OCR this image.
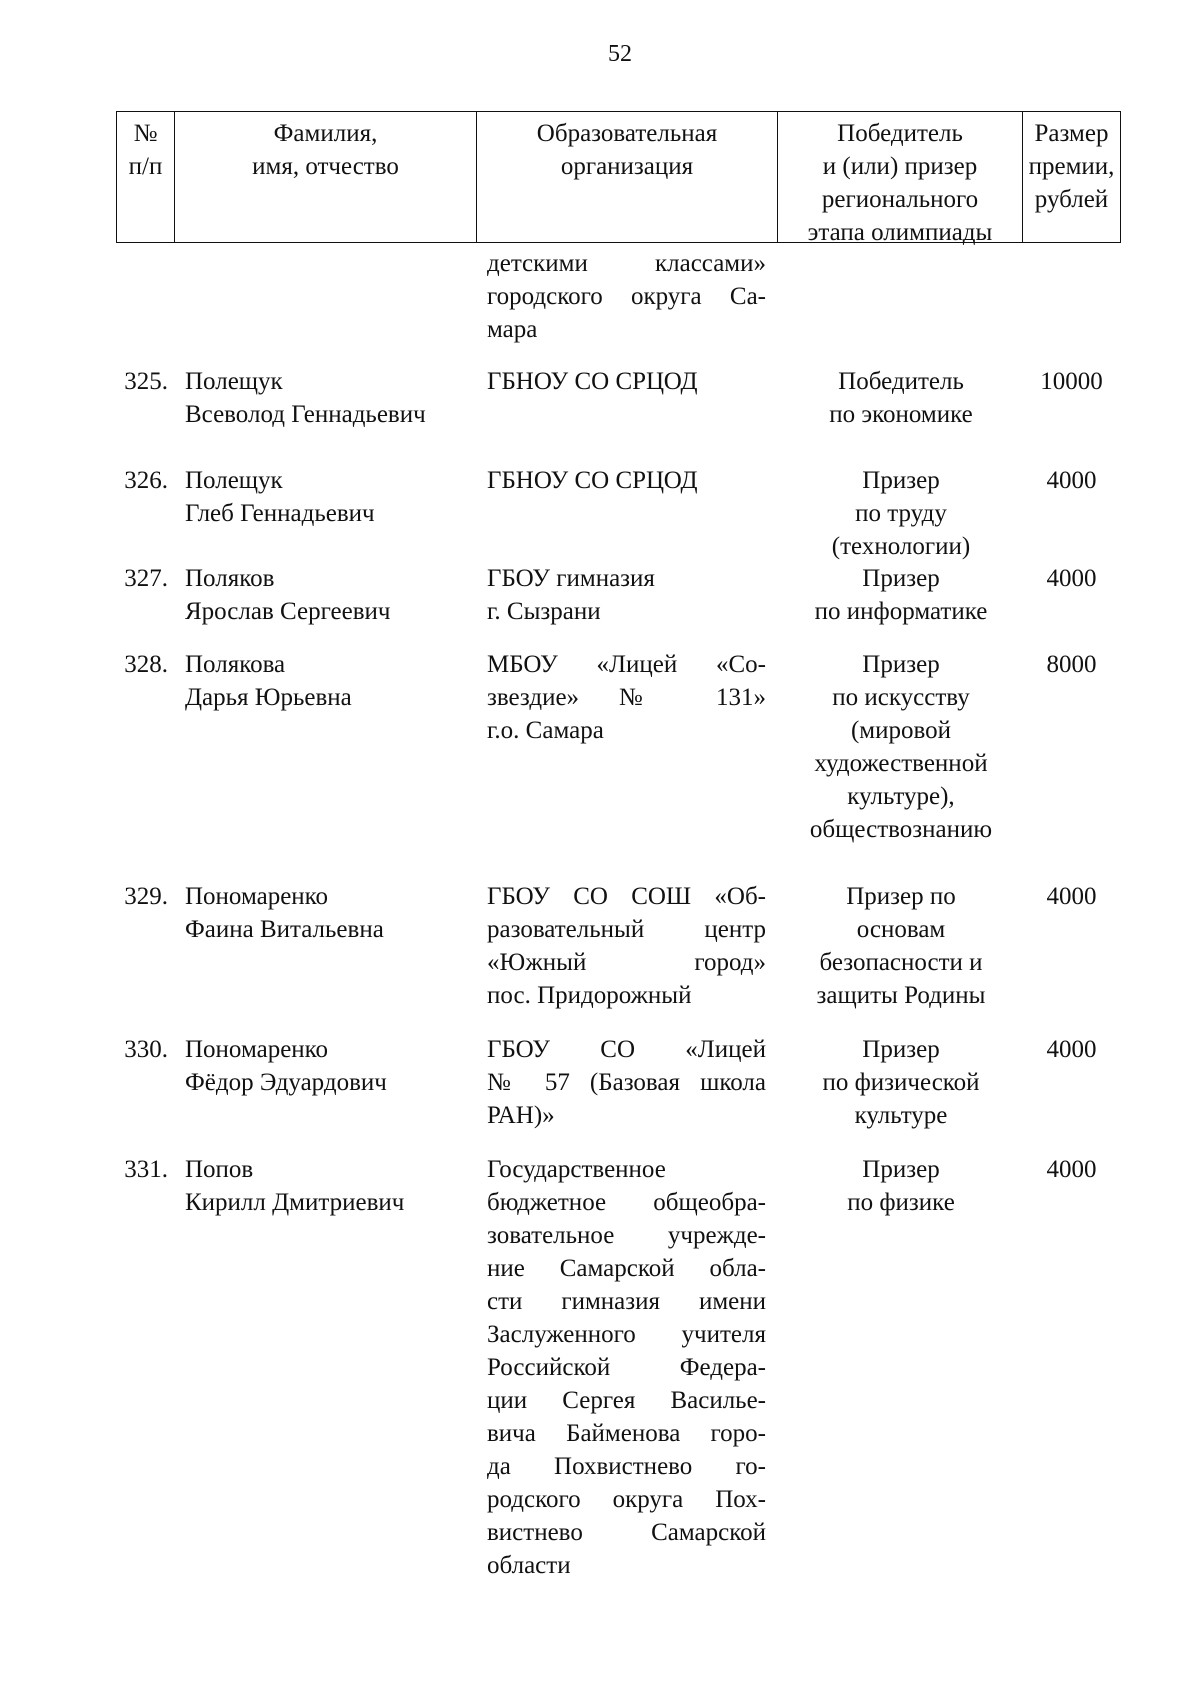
52
№
п/п
Фамилия,
имя, отчество
Образовательная
организация
Победитель
и (или) призер
регионального
этапа олимпиады
Размер
премии,
рублей
детскими классами»
городского округа Са-
мара
325. Полещук
Всеволод Геннадьевич
ГБНОУ СО СРЦОД	Победитель
по экономике
10000
326. Полещук
Глеб Геннадьевич
ГБНОУ СО СРЦОД	Призер
по труду
(технологии)
4000
327. Поляков
Ярослав Сергеевич
ГБОУ гимназия
г. Сызрани
Призер
по информатике
4000
328. Полякова
Дарья Юрьевна
МБОУ «Лицей «Со-
звездие» № 131»
г.о. Самара
Призер
по искусству
(мировой
художественной
культуре),
обществознанию
8000
329. Пономаренко
Фаина Витальевна
ГБОУ СО СОШ «Об-
разовательный центр
«Южный город»
пос. Придорожный
Призер по
основам
безопасности и
защиты Родины
4000
330. Пономаренко
Фёдор Эдуардович
ГБОУ СО «Лицей
№ 57 (Базовая школа
РАН)»
Призер
по физической
культуре
4000
331. Попов
Кирилл Дмитриевич
Государственное
бюджетное общеобра-
зовательное учрежде-
ние Самарской обла-
сти гимназия имени
Заслуженного учителя
Российской Федера-
ции Сергея Василье-
вича Байменова горо-
да Похвистнево го-
родского округа Пох-
вистнево Самарской
области
Призер
по физике
4000
